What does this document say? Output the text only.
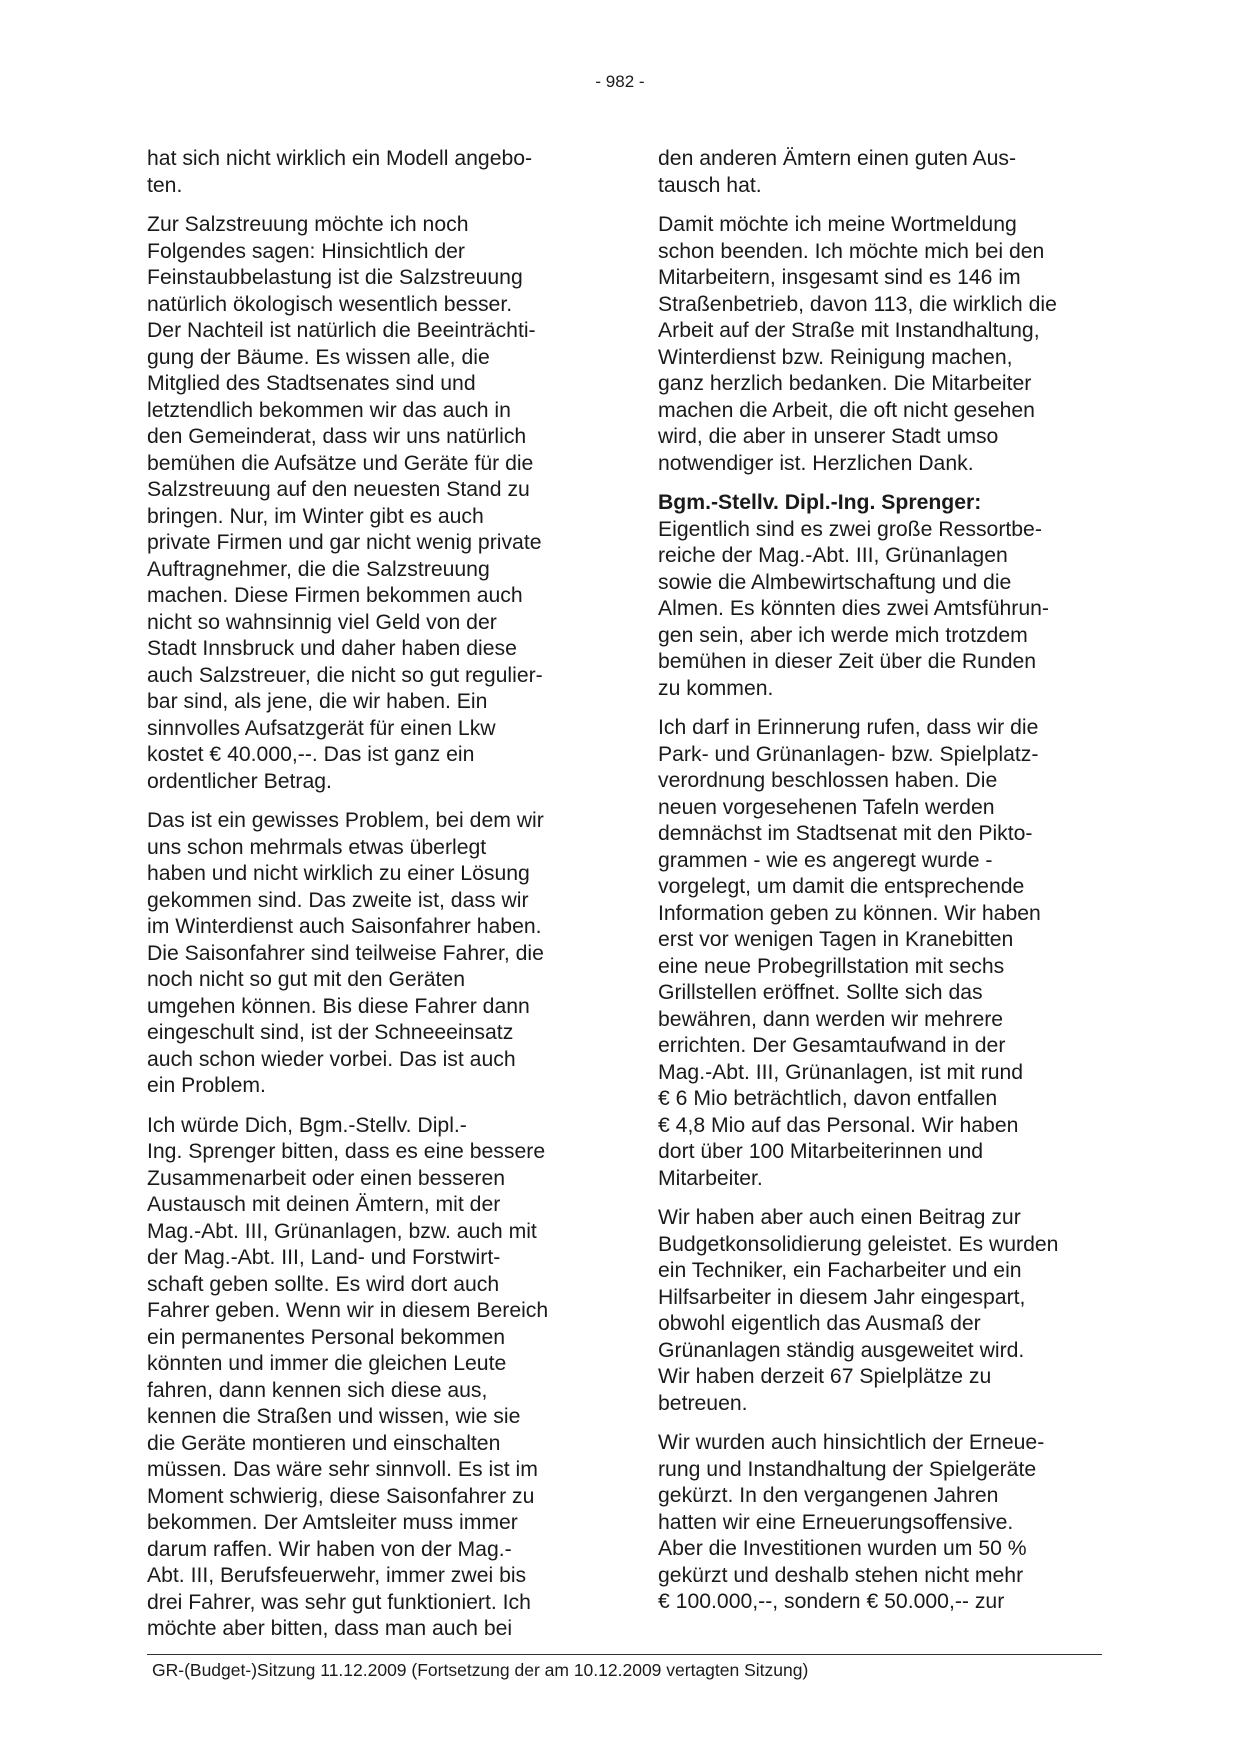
- 982 -
hat sich nicht wirklich ein Modell angebo-
ten.
Zur Salzstreuung möchte ich noch
Folgendes sagen: Hinsichtlich der
Feinstaubbelastung ist die Salzstreuung
natürlich ökologisch wesentlich besser.
Der Nachteil ist natürlich die Beeinträchti-
gung der Bäume. Es wissen alle, die
Mitglied des Stadtsenates sind und
letztendlich bekommen wir das auch in
den Gemeinderat, dass wir uns natürlich
bemühen die Aufsätze und Geräte für die
Salzstreuung auf den neuesten Stand zu
bringen. Nur, im Winter gibt es auch
private Firmen und gar nicht wenig private
Auftragnehmer, die die Salzstreuung
machen. Diese Firmen bekommen auch
nicht so wahnsinnig viel Geld von der
Stadt Innsbruck und daher haben diese
auch Salzstreuer, die nicht so gut regulier-
bar sind, als jene, die wir haben. Ein
sinnvolles Aufsatzgerät für einen Lkw
kostet € 40.000,--. Das ist ganz ein
ordentlicher Betrag.
Das ist ein gewisses Problem, bei dem wir
uns schon mehrmals etwas überlegt
haben und nicht wirklich zu einer Lösung
gekommen sind. Das zweite ist, dass wir
im Winterdienst auch Saisonfahrer haben.
Die Saisonfahrer sind teilweise Fahrer, die
noch nicht so gut mit den Geräten
umgehen können. Bis diese Fahrer dann
eingeschult sind, ist der Schneeeinsatz
auch schon wieder vorbei. Das ist auch
ein Problem.
Ich würde Dich, Bgm.-Stellv. Dipl.-
Ing. Sprenger bitten, dass es eine bessere
Zusammenarbeit oder einen besseren
Austausch mit deinen Ämtern, mit der
Mag.-Abt. III, Grünanlagen, bzw. auch mit
der Mag.-Abt. III, Land- und Forstwirt-
schaft geben sollte. Es wird dort auch
Fahrer geben. Wenn wir in diesem Bereich
ein permanentes Personal bekommen
könnten und immer die gleichen Leute
fahren, dann kennen sich diese aus,
kennen die Straßen und wissen, wie sie
die Geräte montieren und einschalten
müssen. Das wäre sehr sinnvoll. Es ist im
Moment schwierig, diese Saisonfahrer zu
bekommen. Der Amtsleiter muss immer
darum raffen. Wir haben von der Mag.-
Abt. III, Berufsfeuerwehr, immer zwei bis
drei Fahrer, was sehr gut funktioniert. Ich
möchte aber bitten, dass man auch bei
den anderen Ämtern einen guten Aus-
tausch hat.
Damit möchte ich meine Wortmeldung
schon beenden. Ich möchte mich bei den
Mitarbeitern, insgesamt sind es 146 im
Straßenbetrieb, davon 113, die wirklich die
Arbeit auf der Straße mit Instandhaltung,
Winterdienst bzw. Reinigung machen,
ganz herzlich bedanken. Die Mitarbeiter
machen die Arbeit, die oft nicht gesehen
wird, die aber in unserer Stadt umso
notwendiger ist. Herzlichen Dank.
Bgm.-Stellv. Dipl.-Ing. Sprenger:
Eigentlich sind es zwei große Ressortbe-
reiche der Mag.-Abt. III, Grünanlagen
sowie die Almbewirtschaftung und die
Almen. Es könnten dies zwei Amtsführun-
gen sein, aber ich werde mich trotzdem
bemühen in dieser Zeit über die Runden
zu kommen.
Ich darf in Erinnerung rufen, dass wir die
Park- und Grünanlagen- bzw. Spielplatz-
verordnung beschlossen haben. Die
neuen vorgesehenen Tafeln werden
demnächst im Stadtsenat mit den Pikto-
grammen - wie es angeregt wurde -
vorgelegt, um damit die entsprechende
Information geben zu können. Wir haben
erst vor wenigen Tagen in Kranebitten
eine neue Probegrillstation mit sechs
Grillstellen eröffnet. Sollte sich das
bewähren, dann werden wir mehrere
errichten. Der Gesamtaufwand in der
Mag.-Abt. III, Grünanlagen, ist mit rund
€ 6 Mio beträchtlich, davon entfallen
€ 4,8 Mio auf das Personal. Wir haben
dort über 100 Mitarbeiterinnen und
Mitarbeiter.
Wir haben aber auch einen Beitrag zur
Budgetkonsolidierung geleistet. Es wurden
ein Techniker, ein Facharbeiter und ein
Hilfsarbeiter in diesem Jahr eingespart,
obwohl eigentlich das Ausmaß der
Grünanlagen ständig ausgeweitet wird.
Wir haben derzeit 67 Spielplätze zu
betreuen.
Wir wurden auch hinsichtlich der Erneue-
rung und Instandhaltung der Spielgeräte
gekürzt. In den vergangenen Jahren
hatten wir eine Erneuerungsoffensive.
Aber die Investitionen wurden um 50 %
gekürzt und deshalb stehen nicht mehr
€ 100.000,--, sondern € 50.000,-- zur
GR-(Budget-)Sitzung 11.12.2009 (Fortsetzung der am 10.12.2009 vertagten Sitzung)
